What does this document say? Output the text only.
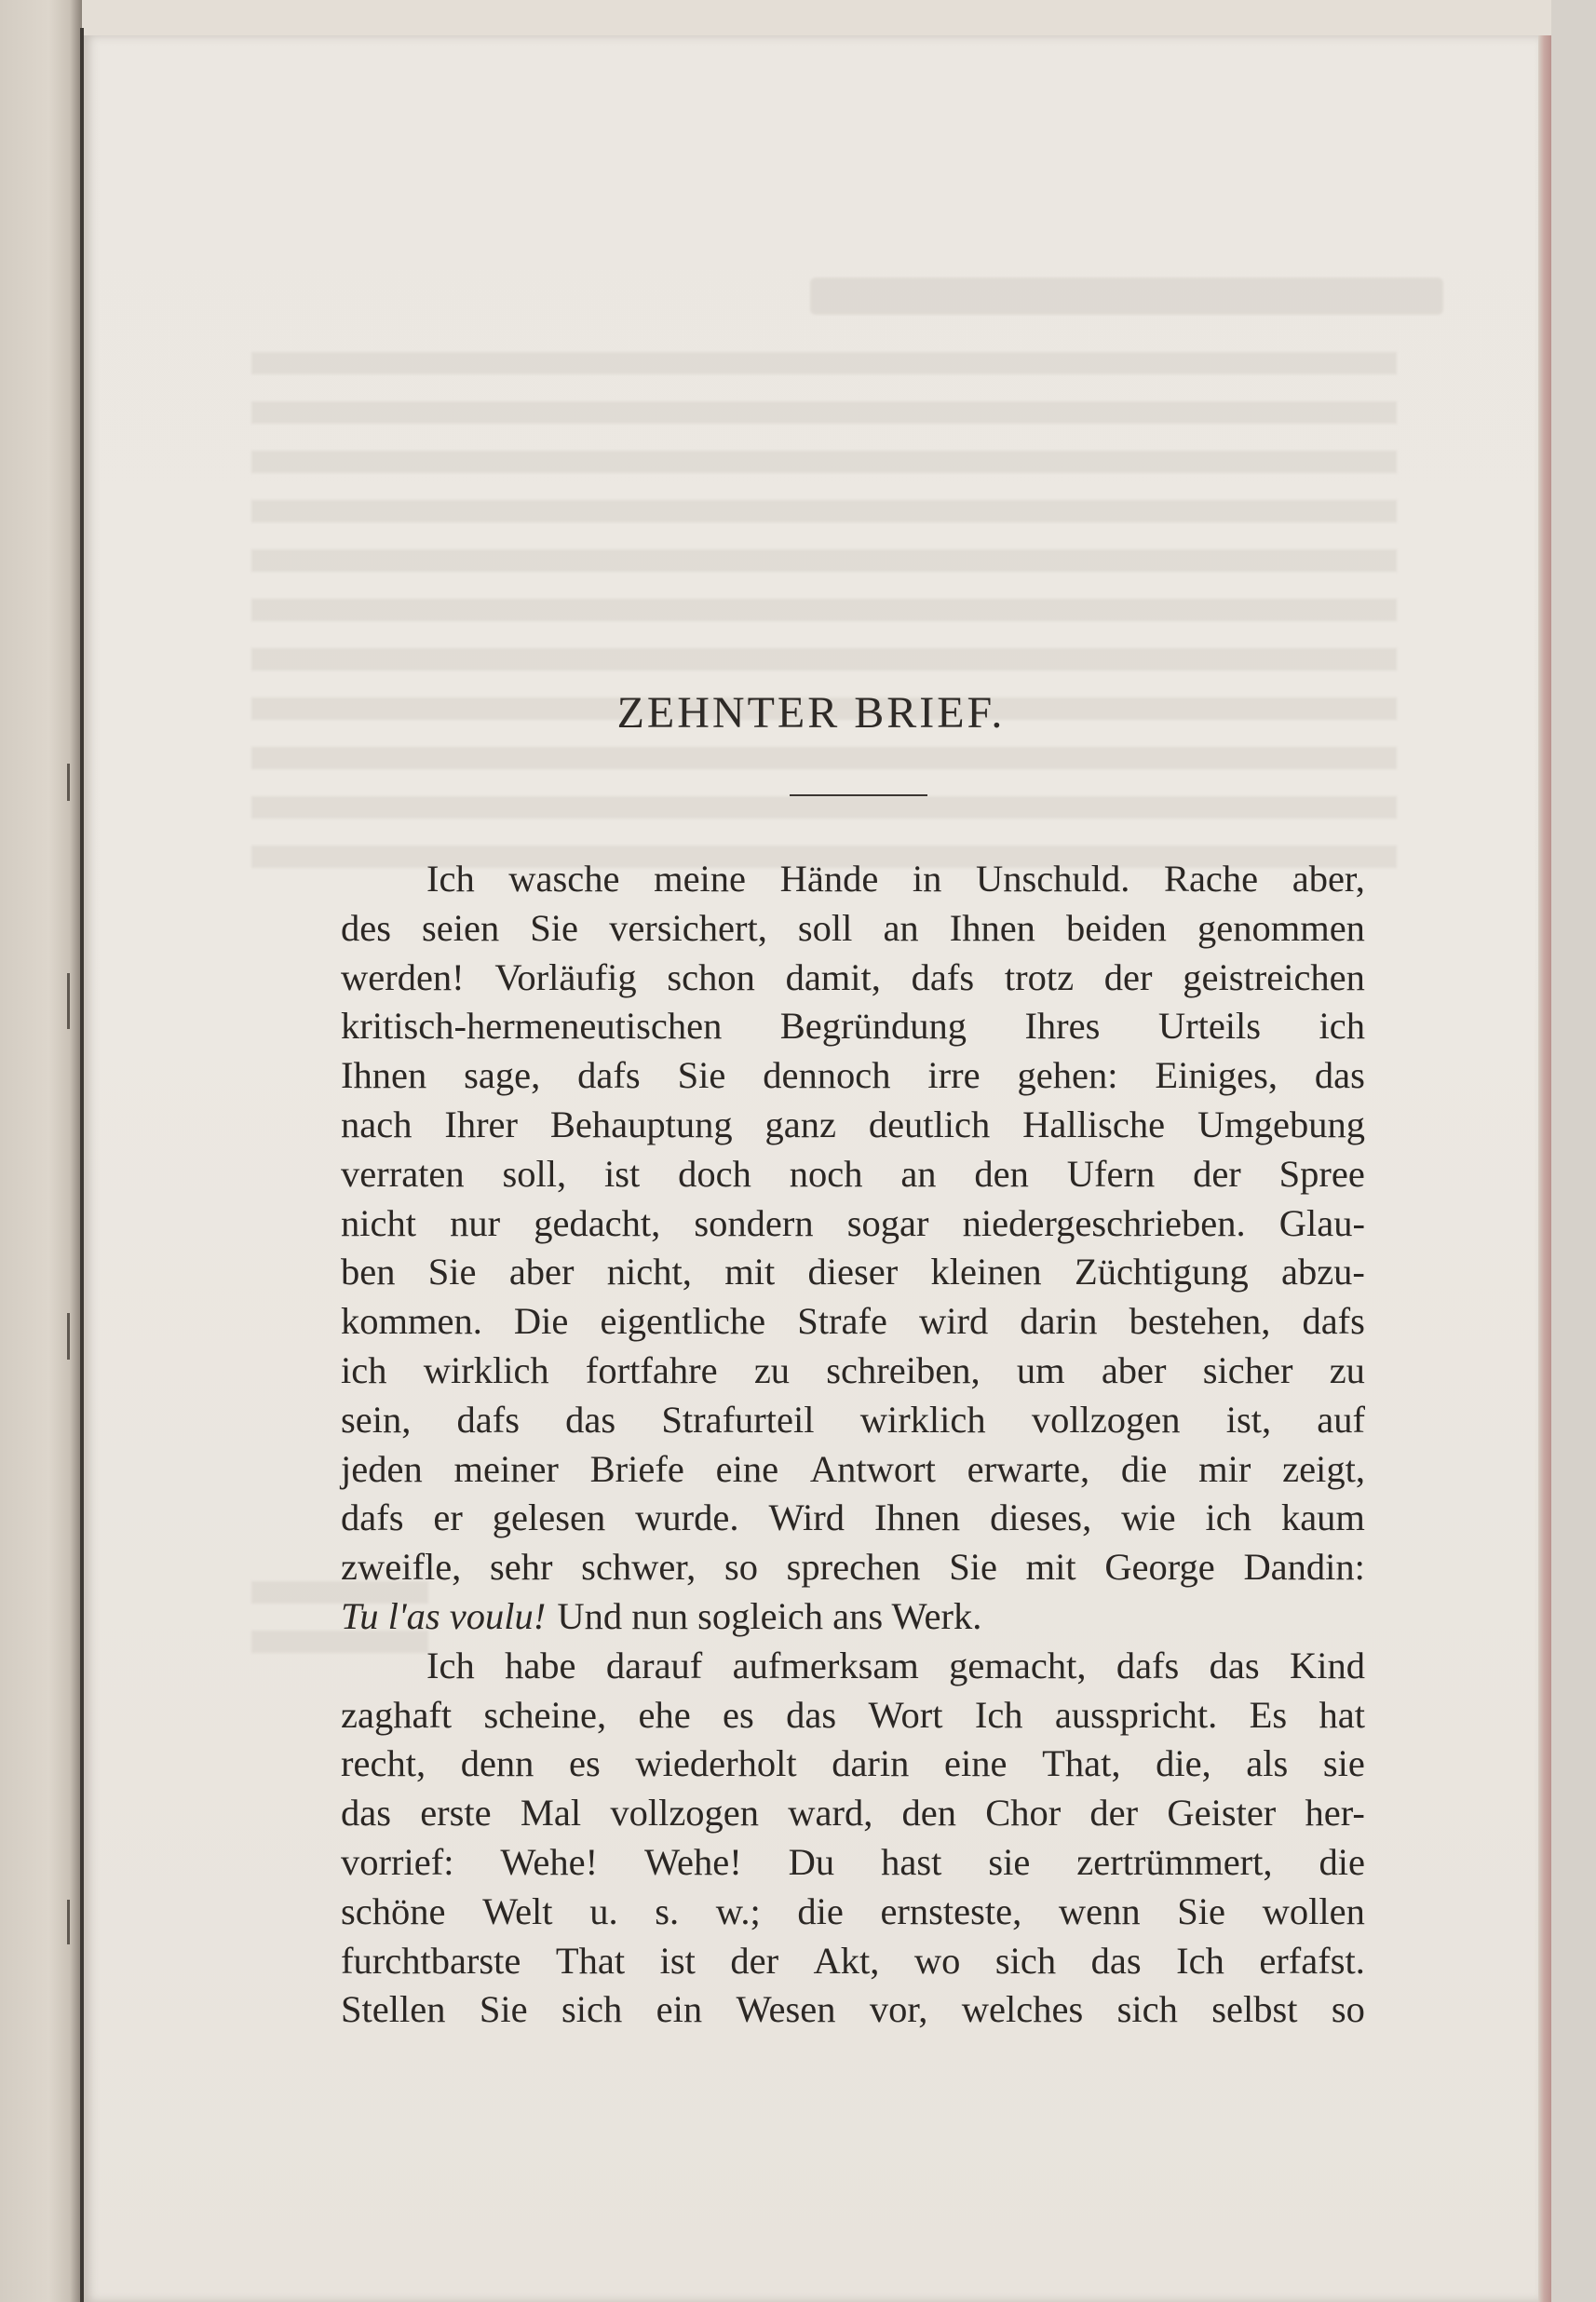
ZEHNTER BRIEF.
Ich wasche meine Hände in Unschuld. Rache aber,
des seien Sie versichert, soll an Ihnen beiden genommen
werden! Vorläufig schon damit, dafs trotz der geistreichen
kritisch-hermeneutischen Begründung Ihres Urteils ich
Ihnen sage, dafs Sie dennoch irre gehen: Einiges, das
nach Ihrer Behauptung ganz deutlich Hallische Umgebung
verraten soll, ist doch noch an den Ufern der Spree
nicht nur gedacht, sondern sogar niedergeschrieben. Glau-
ben Sie aber nicht, mit dieser kleinen Züchtigung abzu-
kommen. Die eigentliche Strafe wird darin bestehen, dafs
ich wirklich fortfahre zu schreiben, um aber sicher zu
sein, dafs das Strafurteil wirklich vollzogen ist, auf
jeden meiner Briefe eine Antwort erwarte, die mir zeigt,
dafs er gelesen wurde. Wird Ihnen dieses, wie ich kaum
zweifle, sehr schwer, so sprechen Sie mit George Dandin:
Tu l'as voulu! Und nun sogleich ans Werk.
Ich habe darauf aufmerksam gemacht, dafs das Kind
zaghaft scheine, ehe es das Wort Ich ausspricht. Es hat
recht, denn es wiederholt darin eine That, die, als sie
das erste Mal vollzogen ward, den Chor der Geister her-
vorrief: Wehe! Wehe! Du hast sie zertrümmert, die
schöne Welt u. s. w.; die ernsteste, wenn Sie wollen
furchtbarste That ist der Akt, wo sich das Ich erfafst.
Stellen Sie sich ein Wesen vor, welches sich selbst so
